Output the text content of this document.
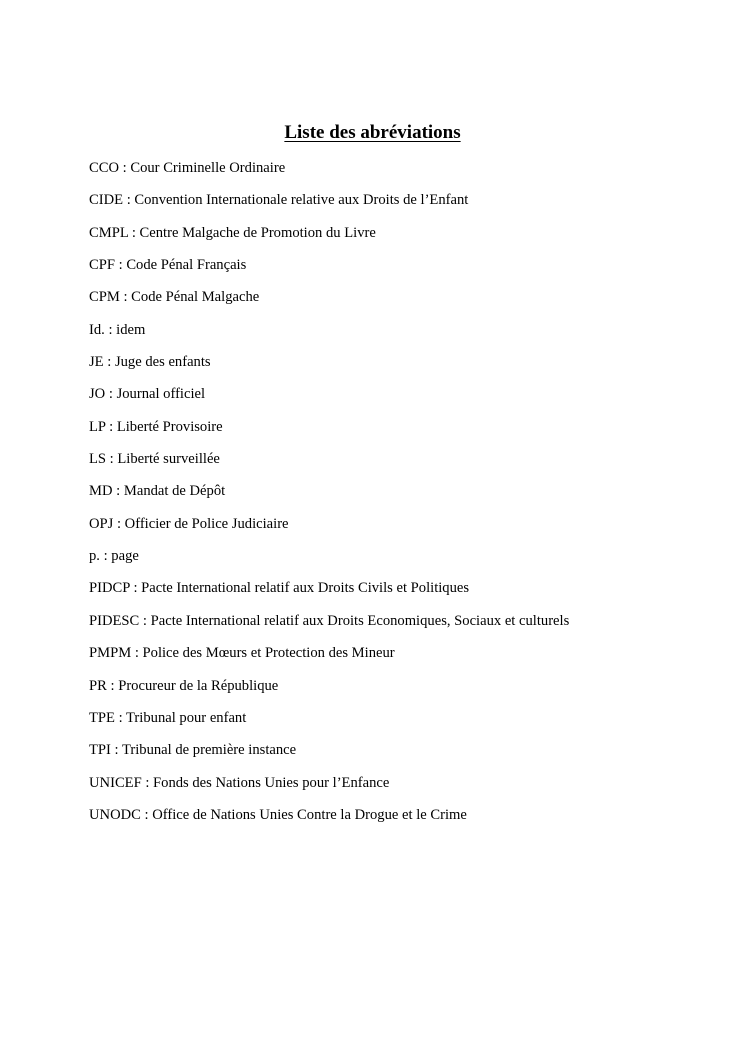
Liste des abréviations
CCO : Cour Criminelle Ordinaire
CIDE : Convention Internationale relative aux Droits de l’Enfant
CMPL : Centre Malgache de Promotion du Livre
CPF : Code Pénal Français
CPM : Code Pénal Malgache
Id. : idem
JE : Juge des enfants
JO : Journal officiel
LP : Liberté Provisoire
LS : Liberté surveillée
MD : Mandat de Dépôt
OPJ : Officier de Police Judiciaire
p. : page
PIDCP : Pacte International relatif aux Droits Civils et Politiques
PIDESC : Pacte International relatif aux Droits Economiques, Sociaux et culturels
PMPM : Police des Mœurs et Protection des Mineur
PR : Procureur de la République
TPE : Tribunal pour enfant
TPI : Tribunal de première instance
UNICEF : Fonds des Nations Unies pour l’Enfance
UNODC : Office de Nations Unies Contre la Drogue et le Crime
